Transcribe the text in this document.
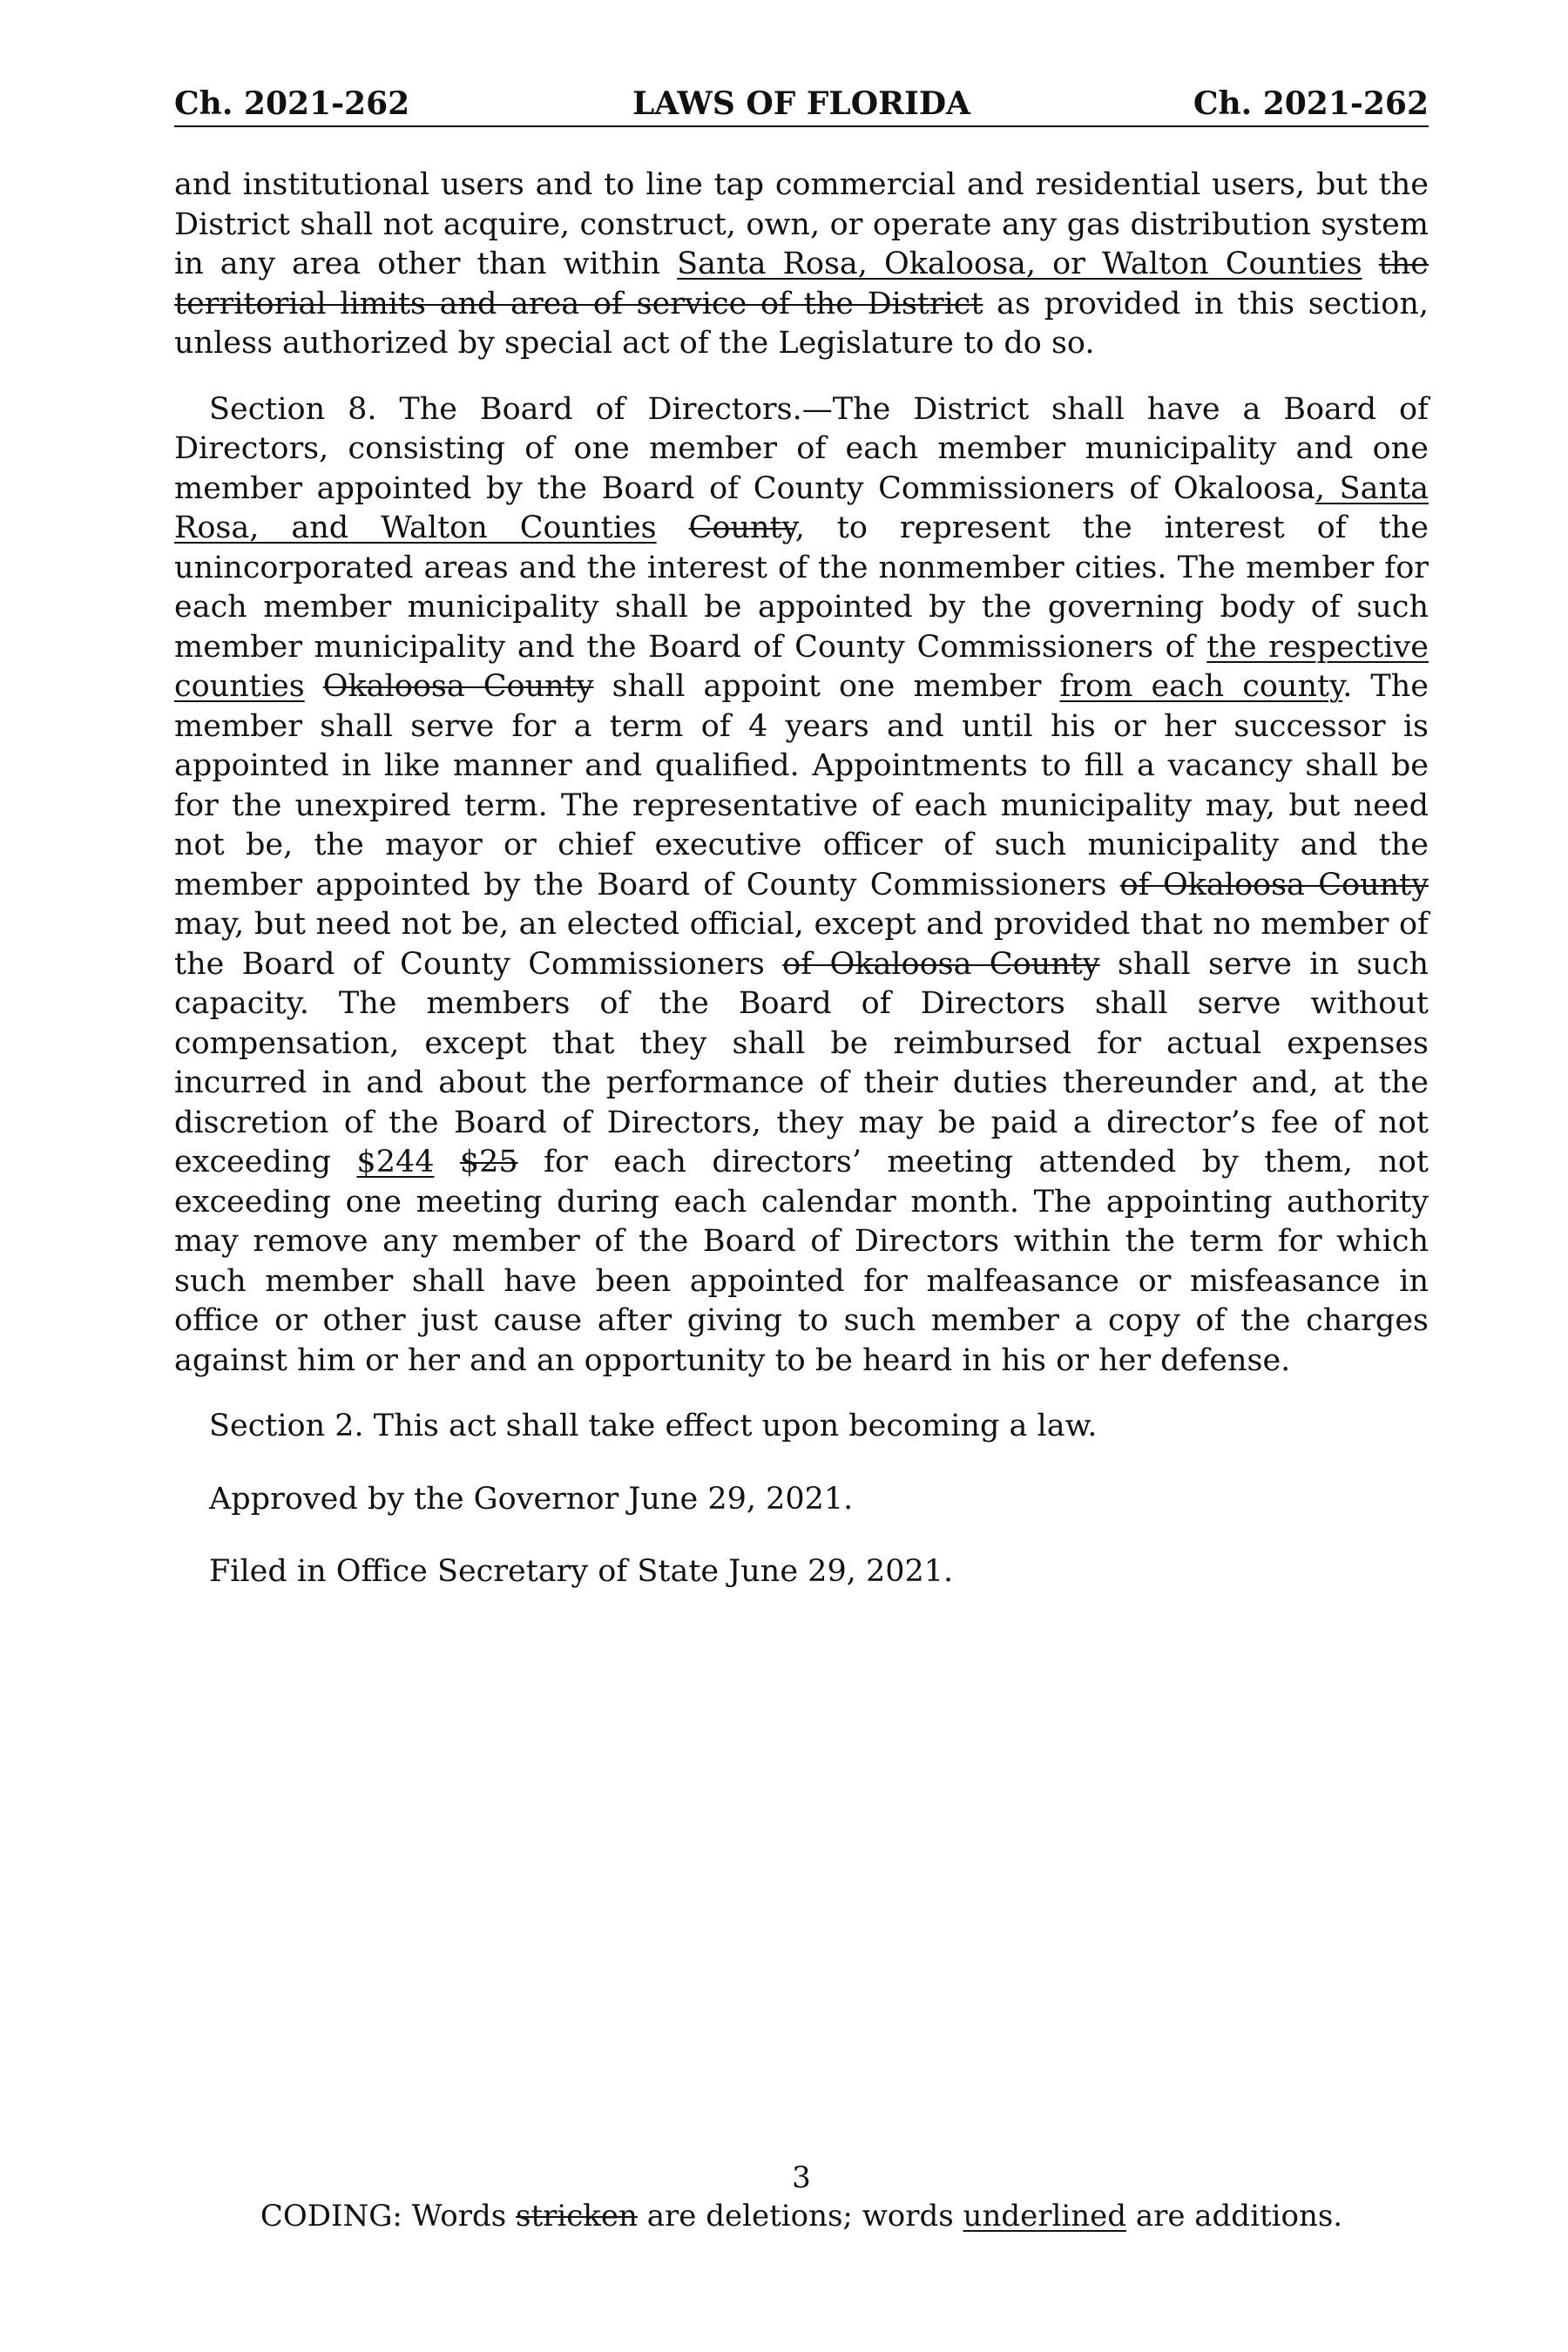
LAWS OF FLORIDA
Ch. 2021-262	Ch. 2021-262

and institutional users and to line tap commercial and residential users, but the District shall not acquire, construct, own, or operate any gas distribution system in any area other than within Santa Rosa, Okaloosa, or Walton Counties the territorial limits and area of service of the District as provided in this section, unless authorized by special act of the Legislature to do so.

Section 8. The Board of Directors.—The District shall have a Board of Directors, consisting of one member of each member municipality and one member appointed by the Board of County Commissioners of Okaloosa, Santa Rosa, and Walton Counties County, to represent the interest of the unincorporated areas and the interest of the nonmember cities. The member for each member municipality shall be appointed by the governing body of such member municipality and the Board of County Commissioners of the respective counties Okaloosa County shall appoint one member from each county. The member shall serve for a term of 4 years and until his or her successor is appointed in like manner and qualified. Appointments to fill a vacancy shall be for the unexpired term. The representative of each municipality may, but need not be, the mayor or chief executive officer of such municipality and the member appointed by the Board of County Commissioners of Okaloosa County may, but need not be, an elected official, except and provided that no member of the Board of County Commissioners of Okaloosa County shall serve in such capacity. The members of the Board of Directors shall serve without compensation, except that they shall be reimbursed for actual expenses incurred in and about the performance of their duties thereunder and, at the discretion of the Board of Directors, they may be paid a director’s fee of not exceeding $244 $25 for each directors’ meeting attended by them, not exceeding one meeting during each calendar month. The appointing authority may remove any member of the Board of Directors within the term for which such member shall have been appointed for malfeasance or misfeasance in office or other just cause after giving to such member a copy of the charges against him or her and an opportunity to be heard in his or her defense.

Section 2. This act shall take effect upon becoming a law.

Approved by the Governor June 29, 2021.

Filed in Office Secretary of State June 29, 2021.

3
CODING: Words stricken are deletions; words underlined are additions.
